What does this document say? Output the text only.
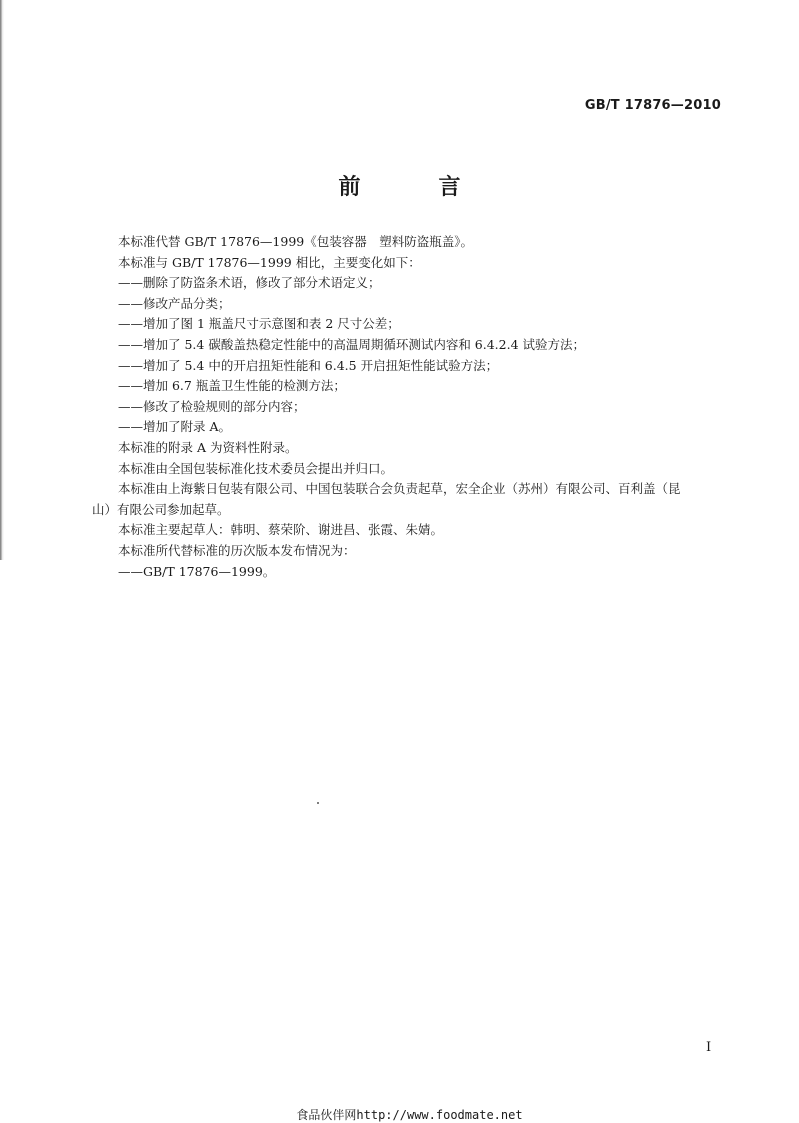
GB/T 17876—2010
前　言

本标准代替 GB/T 17876—1999《包装容器　塑料防盗瓶盖》。

本标准与 GB/T 17876—1999 相比，主要变化如下：

——删除了防盗条术语，修改了部分术语定义；

——修改产品分类；

——增加了图 1 瓶盖尺寸示意图和表 2 尺寸公差；

——增加了 5.4 碳酸盖热稳定性能中的高温周期循环测试内容和 6.4.2.4 试验方法；

——增加了 5.4 中的开启扭矩性能和 6.4.5 开启扭矩性能试验方法；

——增加 6.7 瓶盖卫生性能的检测方法；

——修改了检验规则的部分内容；

——增加了附录 A。

本标准的附录 A 为资料性附录。

本标准由全国包装标准化技术委员会提出并归口。

本标准由上海紫日包装有限公司、中国包装联合会负责起草，宏全企业（苏州）有限公司、百利盖（昆

山）有限公司参加起草。

本标准主要起草人：韩明、蔡荣阶、谢进昌、张霞、朱婧。

本标准所代替标准的历次版本发布情况为：

——GB/T 17876—1999。

I
食品伙伴网http://www.foodmate.net
